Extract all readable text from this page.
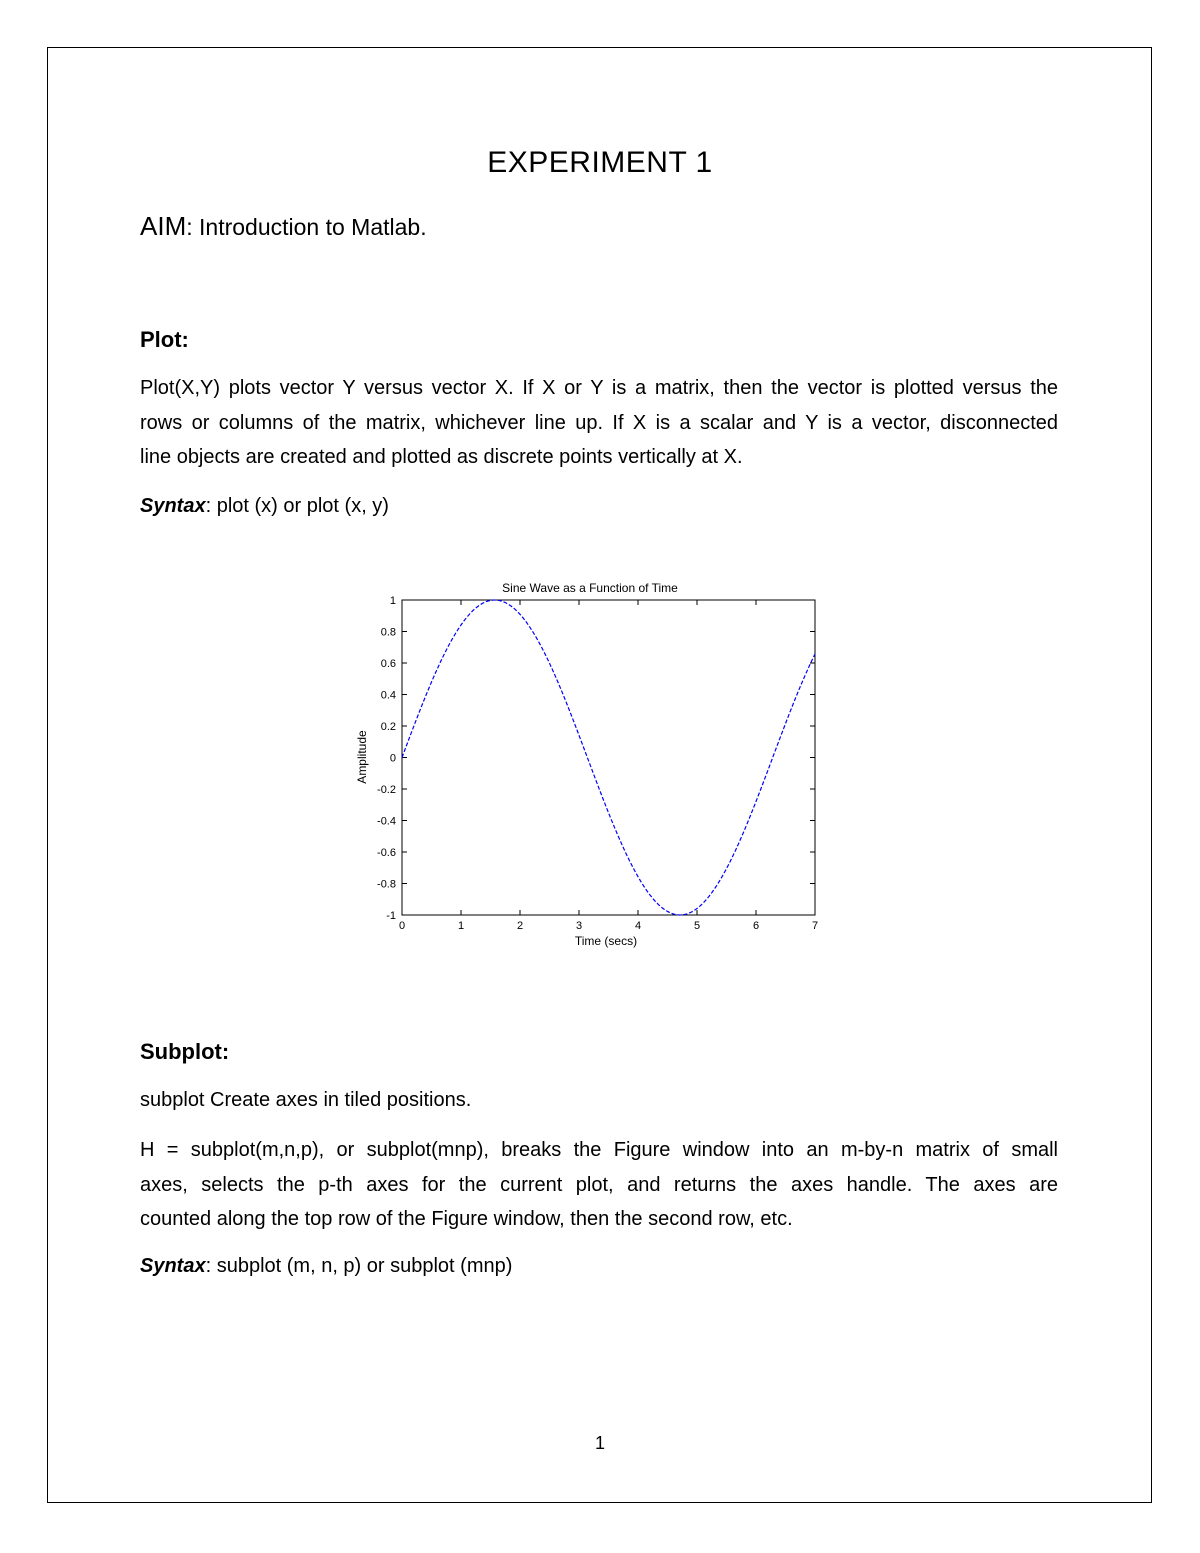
EXPERIMENT 1
AIM: Introduction to Matlab.
Plot:
Plot(X,Y) plots vector Y versus vector X. If X or Y is a matrix, then the vector is plotted versus the
rows or columns of the matrix, whichever line up. If X is a scalar and Y is a vector, disconnected
line objects are created and plotted as discrete points vertically at X.
Syntax: plot (x) or plot (x, y)
Sine Wave as a Function of Time
0	1	2	3	4	5	6	7
-1
-0.8
-0.6
-0.4
-0.2
0
0.2
0.4
0.6
0.8
1
Time (secs)
Amplitude
Subplot:
subplot Create axes in tiled positions.
H = subplot(m,n,p), or subplot(mnp), breaks the Figure window into an m-by-n matrix of small
axes, selects the p-th axes for the current plot, and returns the axes handle. The axes are
counted along the top row of the Figure window, then the second row, etc.
Syntax: subplot (m, n, p) or subplot (mnp)
1
